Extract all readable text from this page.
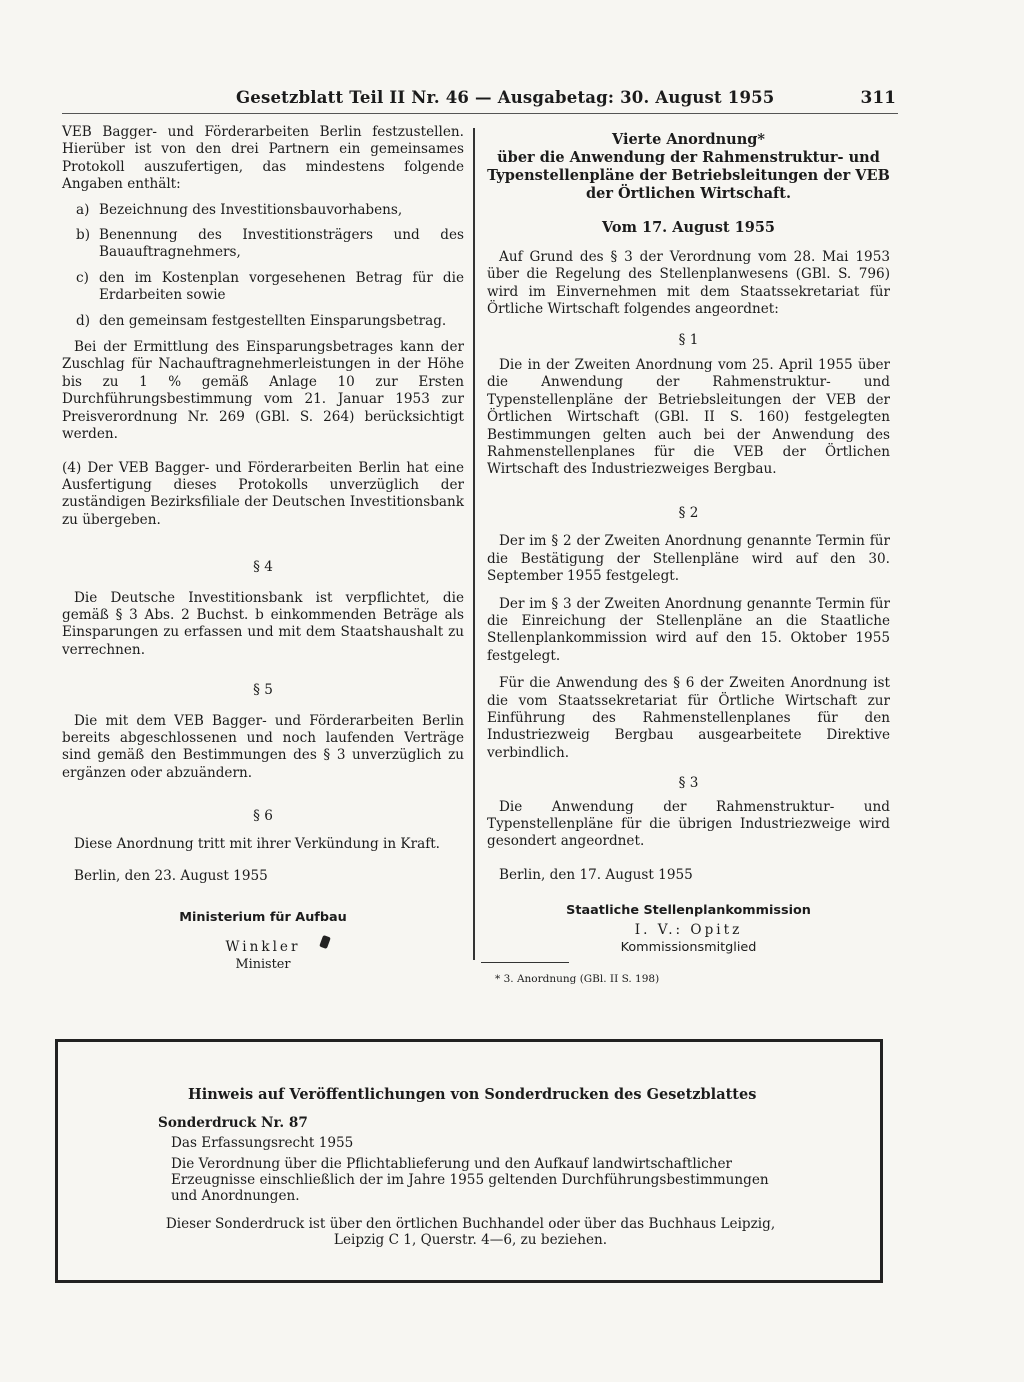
Gesetzblatt Teil II Nr. 46 — Ausgabetag: 30. August 1955	311

VEB Bagger- und Förderarbeiten Berlin festzustellen. Hierüber ist von den drei Partnern ein gemeinsames Protokoll auszufertigen, das mindestens folgende Angaben enthält:

a) Bezeichnung des Investitionsbauvorhabens,
b) Benennung des Investitionsträgers und des Bauauftragnehmers,
c) den im Kostenplan vorgesehenen Betrag für die Erdarbeiten sowie
d) den gemeinsam festgestellten Einsparungsbetrag.

Bei der Ermittlung des Einsparungsbetrages kann der Zuschlag für Nachauftragnehmerleistungen in der Höhe bis zu 1 % gemäß Anlage 10 zur Ersten Durchführungsbestimmung vom 21. Januar 1953 zur Preisverordnung Nr. 269 (GBl. S. 264) berücksichtigt werden.

(4) Der VEB Bagger- und Förderarbeiten Berlin hat eine Ausfertigung dieses Protokolls unverzüglich der zuständigen Bezirksfiliale der Deutschen Investitionsbank zu übergeben.

§ 4

Die Deutsche Investitionsbank ist verpflichtet, die gemäß § 3 Abs. 2 Buchst. b einkommenden Beträge als Einsparungen zu erfassen und mit dem Staatshaushalt zu verrechnen.

§ 5

Die mit dem VEB Bagger- und Förderarbeiten Berlin bereits abgeschlossenen und noch laufenden Verträge sind gemäß den Bestimmungen des § 3 unverzüglich zu ergänzen oder abzuändern.

§ 6

Diese Anordnung tritt mit ihrer Verkündung in Kraft.

Berlin, den 23. August 1955

Ministerium für Aufbau

Winkler

Minister

Vierte Anordnung*

über die Anwendung der Rahmenstruktur- und Typenstellenpläne der Betriebsleitungen der VEB der Örtlichen Wirtschaft.

Vom 17. August 1955

Auf Grund des § 3 der Verordnung vom 28. Mai 1953 über die Regelung des Stellenplanwesens (GBl. S. 796) wird im Einvernehmen mit dem Staatssekretariat für Örtliche Wirtschaft folgendes angeordnet:

§ 1

Die in der Zweiten Anordnung vom 25. April 1955 über die Anwendung der Rahmenstruktur- und Typenstellenpläne der Betriebsleitungen der VEB der Örtlichen Wirtschaft (GBl. II S. 160) festgelegten Bestimmungen gelten auch bei der Anwendung des Rahmenstellenplanes für die VEB der Örtlichen Wirtschaft des Industriezweiges Bergbau.

§ 2

Der im § 2 der Zweiten Anordnung genannte Termin für die Bestätigung der Stellenpläne wird auf den 30. September 1955 festgelegt.

Der im § 3 der Zweiten Anordnung genannte Termin für die Einreichung der Stellenpläne an die Staatliche Stellenplankommission wird auf den 15. Oktober 1955 festgelegt.

Für die Anwendung des § 6 der Zweiten Anordnung ist die vom Staatssekretariat für Örtliche Wirtschaft zur Einführung des Rahmenstellenplanes für den Industriezweig Bergbau ausgearbeitete Direktive verbindlich.

§ 3

Die Anwendung der Rahmenstruktur- und Typenstellenpläne für die übrigen Industriezweige wird gesondert angeordnet.

Berlin, den 17. August 1955

Staatliche Stellenplankommission

I. V.: Opitz

Kommissionsmitglied

* 3. Anordnung (GBl. II S. 198)

Hinweis auf Veröffentlichungen von Sonderdrucken des Gesetzblattes
Sonderdruck Nr. 87
Das Erfassungsrecht 1955
Die Verordnung über die Pflichtablieferung und den Aufkauf landwirtschaftlicher Erzeugnisse einschließlich der im Jahre 1955 geltenden Durchführungsbestimmungen und Anordnungen.
Dieser Sonderdruck ist über den örtlichen Buchhandel oder über das Buchhaus Leipzig, Leipzig C 1, Querstr. 4—6, zu beziehen.
